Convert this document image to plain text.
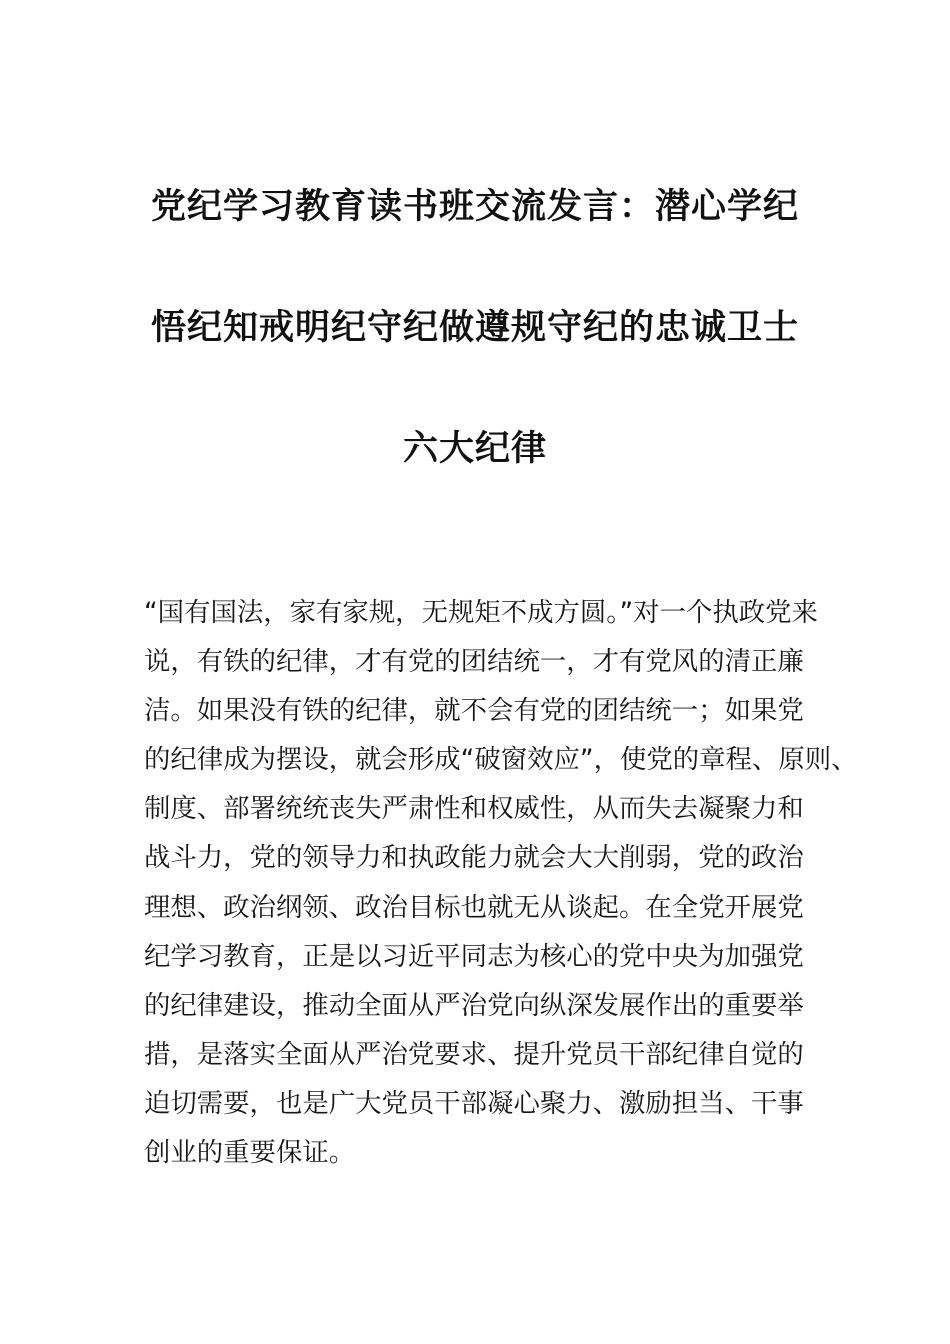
党纪学习教育读书班交流发言：潜心学纪
悟纪知戒明纪守纪做遵规守纪的忠诚卫士
六大纪律
“国有国法，家有家规，无规矩不成方圆。”对一个执政党来
说，有铁的纪律，才有党的团结统一，才有党风的清正廉
洁。如果没有铁的纪律，就不会有党的团结统一；如果党
的纪律成为摆设，就会形成“破窗效应”，使党的章程、原则、
制度、部署统统丧失严肃性和权威性，从而失去凝聚力和
战斗力，党的领导力和执政能力就会大大削弱，党的政治
理想、政治纲领、政治目标也就无从谈起。在全党开展党
纪学习教育，正是以习近平同志为核心的党中央为加强党
的纪律建设，推动全面从严治党向纵深发展作出的重要举
措，是落实全面从严治党要求、提升党员干部纪律自觉的
迫切需要，也是广大党员干部凝心聚力、激励担当、干事
创业的重要保证。
